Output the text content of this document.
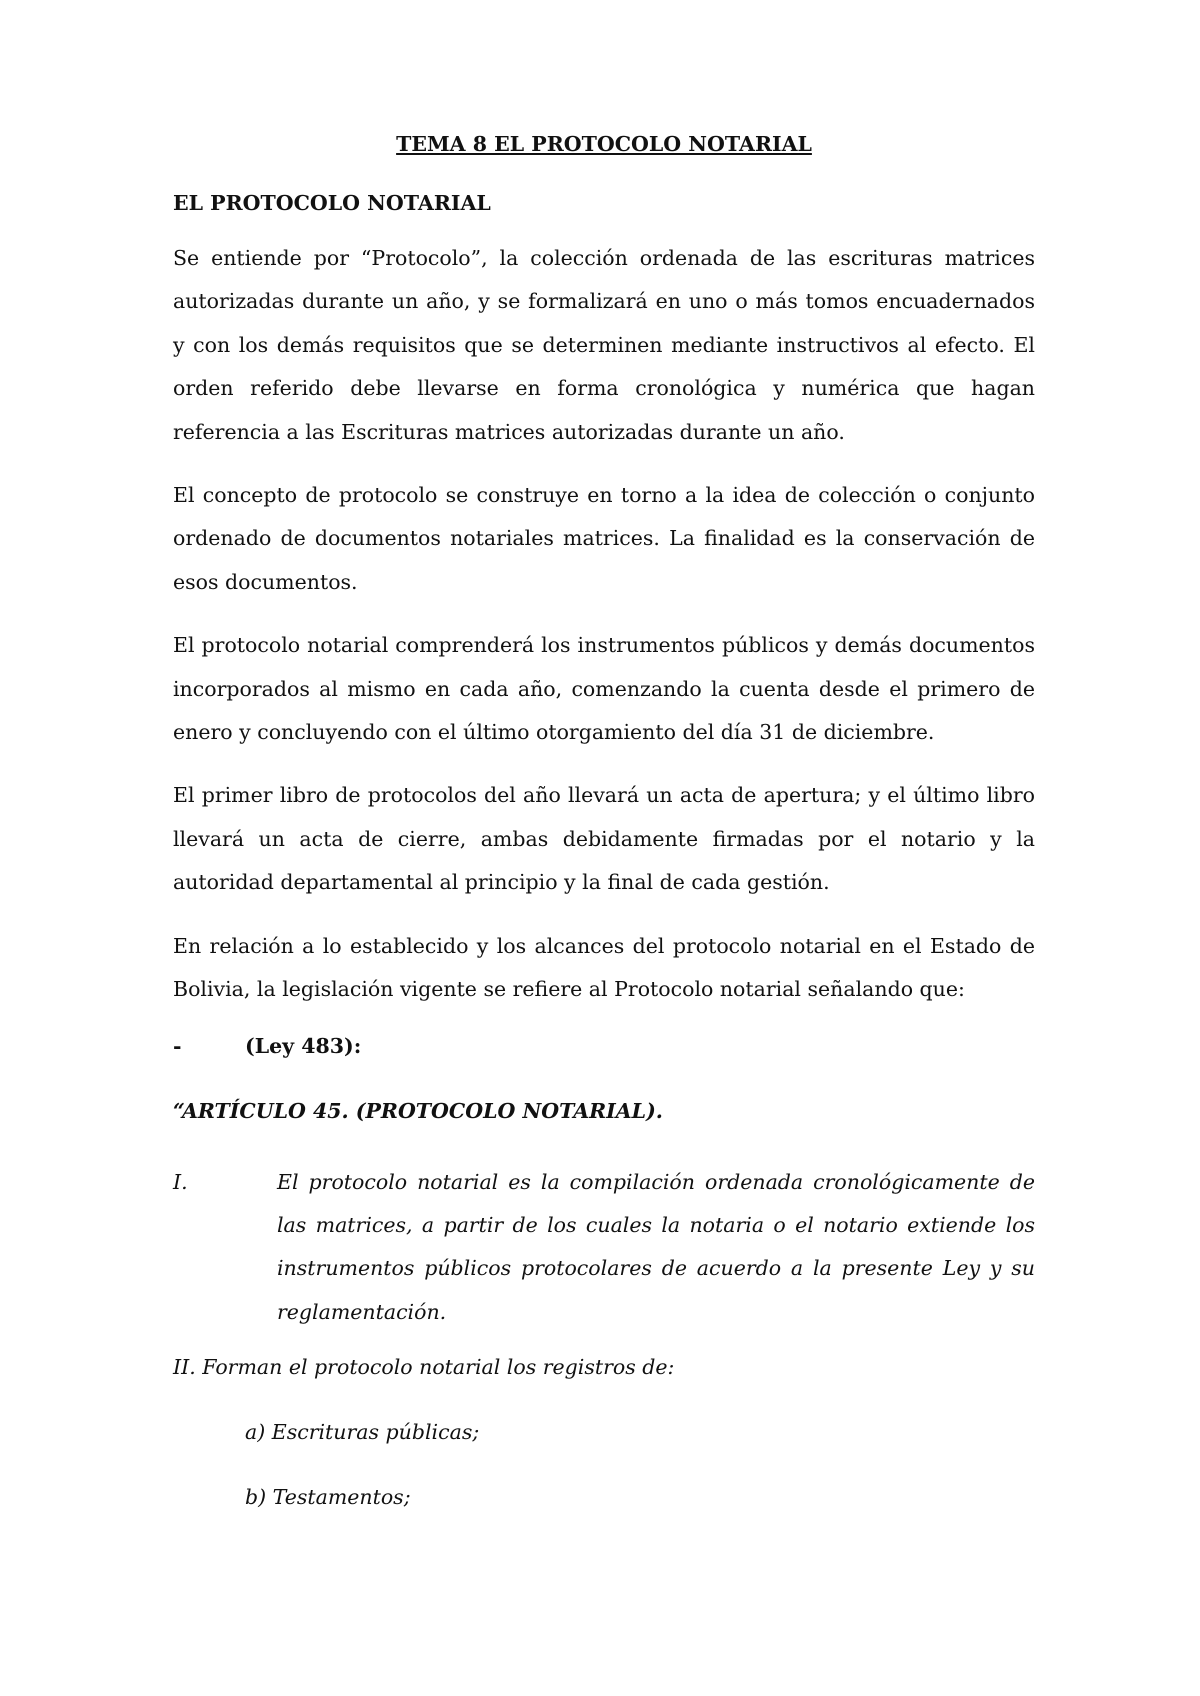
TEMA 8 EL PROTOCOLO NOTARIAL
EL PROTOCOLO NOTARIAL

Se entiende por “Protocolo”, la colección ordenada de las escrituras matrices autorizadas durante un año, y se formalizará en uno o más tomos encuadernados y con los demás requisitos que se determinen mediante instructivos al efecto. El orden referido debe llevarse en forma cronológica y numérica que hagan referencia a las Escrituras matrices autorizadas durante un año.

El concepto de protocolo se construye en torno a la idea de colección o conjunto ordenado de documentos notariales matrices. La finalidad es la conservación de esos documentos.

El protocolo notarial comprenderá los instrumentos públicos y demás documentos incorporados al mismo en cada año, comenzando la cuenta desde el primero de enero y concluyendo con el último otorgamiento del día 31 de diciembre.

El primer libro de protocolos del año llevará un acta de apertura; y el último libro llevará un acta de cierre, ambas debidamente firmadas por el notario y la autoridad departamental al principio y la final de cada gestión.

En relación a lo establecido y los alcances del protocolo notarial en el Estado de Bolivia, la legislación vigente se refiere al Protocolo notarial señalando que:

-	(Ley 483):
“ARTÍCULO 45. (PROTOCOLO NOTARIAL).
I.	El protocolo notarial es la compilación ordenada cronológicamente de las matrices, a partir de los cuales la notaria o el notario extiende los instrumentos públicos protocolares de acuerdo a la presente Ley y su reglamentación.
II. Forman el protocolo notarial los registros de:
a) Escrituras públicas;
b) Testamentos;
